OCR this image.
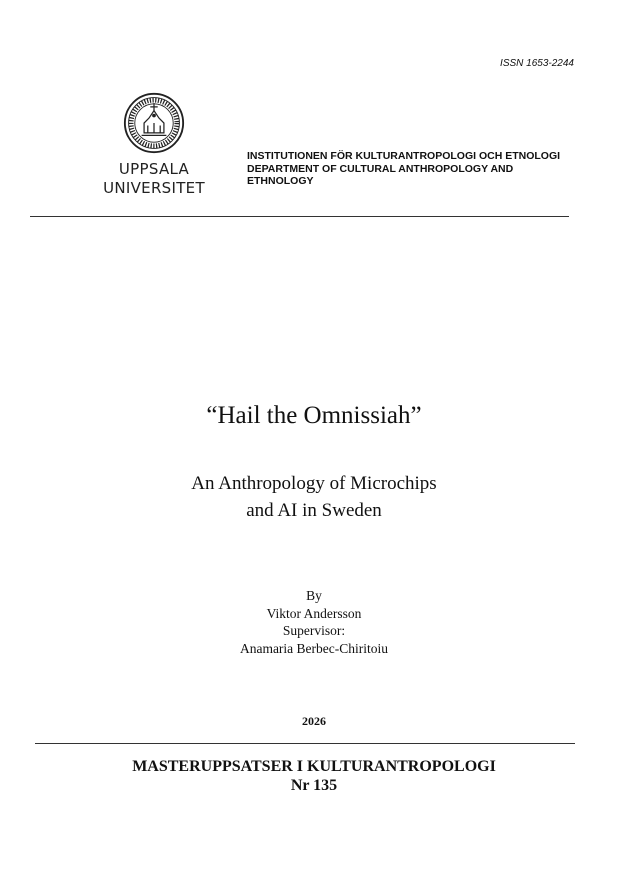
ISSN 1653-2244
UPPSALA
UNIVERSITET
INSTITUTIONEN FÖR KULTURANTROPOLOGI OCH ETNOLOGI
DEPARTMENT OF CULTURAL ANTHROPOLOGY AND
ETHNOLOGY
“Hail the Omnissiah”
An Anthropology of Microchips
and AI in Sweden
By
Viktor Andersson
Supervisor:
Anamaria Berbec-Chiritoiu
2026
MASTERUPPSATSER I KULTURANTROPOLOGI
Nr 135
